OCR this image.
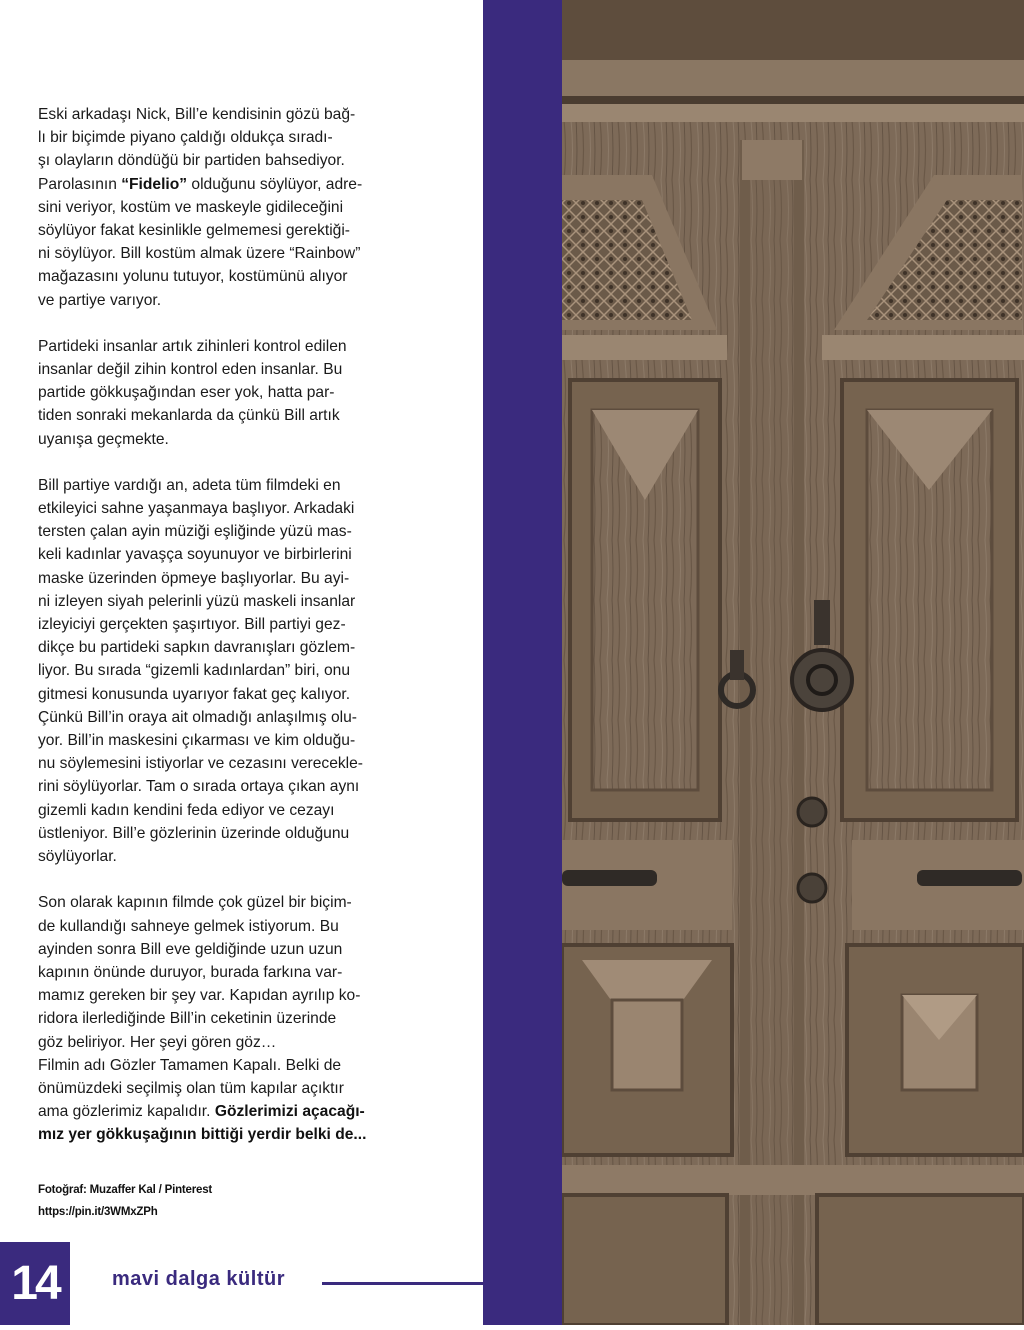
Eski arkadaşı Nick, Bill’e kendisinin gözü bağ-
lı bir biçimde piyano çaldığı oldukça sıradı-
şı olayların döndüğü bir partiden bahsediyor.
Parolasının “Fidelio” olduğunu söylüyor, adre-
sini veriyor, kostüm ve maskeyle gidileceğini
söylüyor fakat kesinlikle gelmemesi gerektiği-
ni söylüyor. Bill kostüm almak üzere “Rainbow”
mağazasını yolunu tutuyor, kostümünü alıyor
ve partiye varıyor.

Partideki insanlar artık zihinleri kontrol edilen
insanlar değil zihin kontrol eden insanlar. Bu
partide gökkuşağından eser yok, hatta par-
tiden sonraki mekanlarda da çünkü Bill artık
uyanışa geçmekte.

Bill partiye vardığı an, adeta tüm filmdeki en
etkileyici sahne yaşanmaya başlıyor. Arkadaki
tersten çalan ayin müziği eşliğinde yüzü mas-
keli kadınlar yavaşça soyunuyor ve birbirlerini
maske üzerinden öpmeye başlıyorlar. Bu ayi-
ni izleyen siyah pelerinli yüzü maskeli insanlar
izleyiciyi gerçekten şaşırtıyor. Bill partiyi gez-
dikçe bu partideki sapkın davranışları gözlem-
liyor. Bu sırada “gizemli kadınlardan” biri, onu
gitmesi konusunda uyarıyor fakat geç kalıyor.
Çünkü Bill’in oraya ait olmadığı anlaşılmış olu-
yor. Bill’in maskesini çıkarması ve kim olduğu-
nu söylemesini istiyorlar ve cezasını verecekle-
rini söylüyorlar. Tam o sırada ortaya çıkan aynı
gizemli kadın kendini feda ediyor ve cezayı
üstleniyor. Bill’e gözlerinin üzerinde olduğunu
söylüyorlar.

Son olarak kapının filmde çok güzel bir biçim-
de kullandığı sahneye gelmek istiyorum. Bu
ayinden sonra Bill eve geldiğinde uzun uzun
kapının önünde duruyor, burada farkına var-
mamız gereken bir şey var. Kapıdan ayrılıp ko-
ridora ilerlediğinde Bill’in ceketinin üzerinde
göz beliriyor. Her şeyi gören göz…
Filmin adı Gözler Tamamen Kapalı. Belki de
önümüzdeki seçilmiş olan tüm kapılar açıktır
ama gözlerimiz kapalıdır. Gözlerimizi açacağı-
mız yer gökkuşağının bittiği yerdir belki de...

Fotoğraf: Muzaffer Kal / Pinterest
https://pin.it/3WMxZPh
14	mavi dalga kültür
